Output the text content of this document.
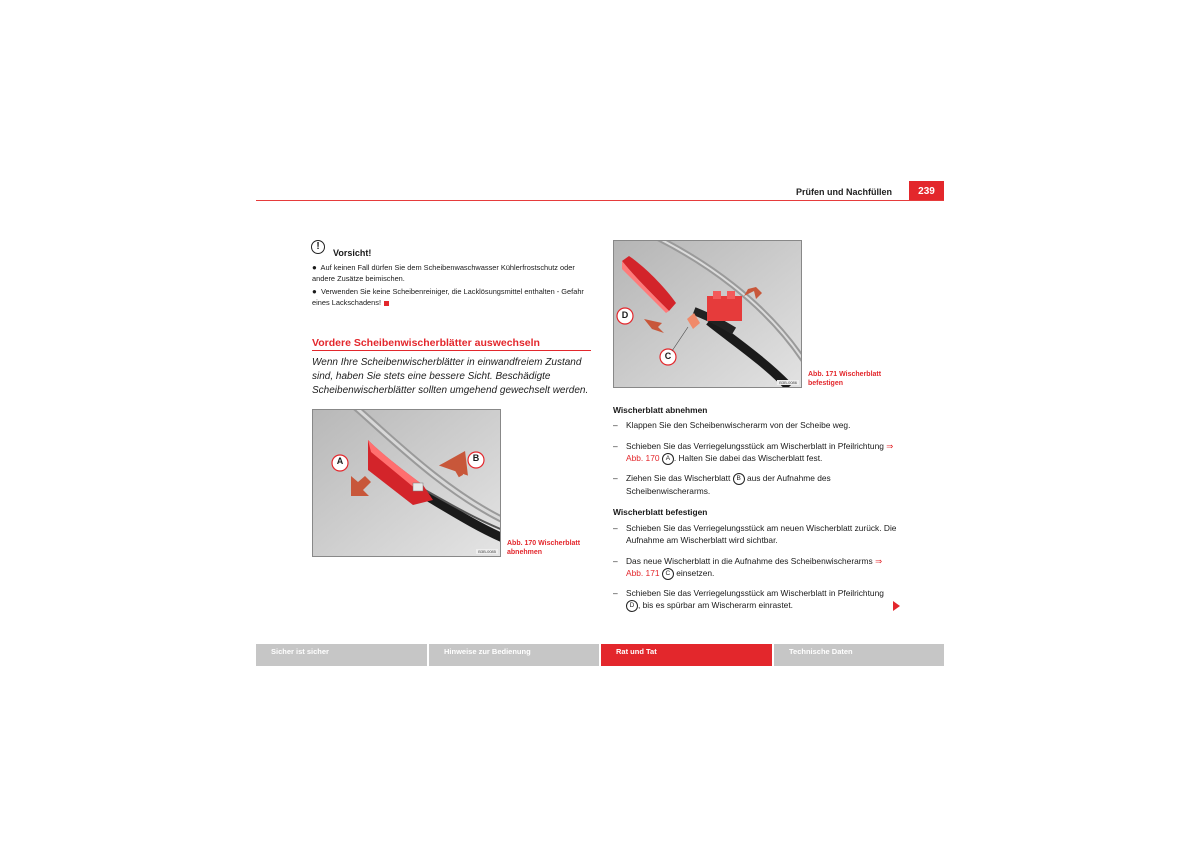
Prüfen und Nachfüllen	239
!
Vorsicht!
● Auf keinen Fall dürfen Sie dem Scheibenwaschwasser Kühlerfrostschutz oder andere Zusätze beimischen.
● Verwenden Sie keine Scheibenreiniger, die Lacklösungsmittel enthalten - Gefahr eines Lackschadens!
Vordere Scheibenwischerblätter auswechseln
Wenn Ihre Scheibenwischerblätter in einwandfreiem Zustand sind, haben Sie stets eine bessere Sicht. Beschädigte Scheibenwischerblätter sollten umgehend gewechselt werden.
A	B
B3B-0085
Abb. 170 Wischerblatt
abnehmen
D
C
B3B-0086
Abb. 171 Wischerblatt
befestigen
Wischerblatt abnehmen
– Klappen Sie den Scheibenwischerarm von der Scheibe weg.
– Schieben Sie das Verriegelungsstück am Wischerblatt in Pfeilrichtung ⇒ Abb. 170 A . Halten Sie dabei das Wischerblatt fest.
– Ziehen Sie das Wischerblatt B aus der Aufnahme des Scheibenwischerarms.
Wischerblatt befestigen
– Schieben Sie das Verriegelungsstück am neuen Wischerblatt zurück. Die Aufnahme am Wischerblatt wird sichtbar.
– Das neue Wischerblatt in die Aufnahme des Scheibenwischerarms ⇒ Abb. 171 C einsetzen.
– Schieben Sie das Verriegelungsstück am Wischerblatt in Pfeilrichtung D , bis es spürbar am Wischerarm einrastet.
Sicher ist sicher	Hinweise zur Bedienung	Rat und Tat	Technische Daten
